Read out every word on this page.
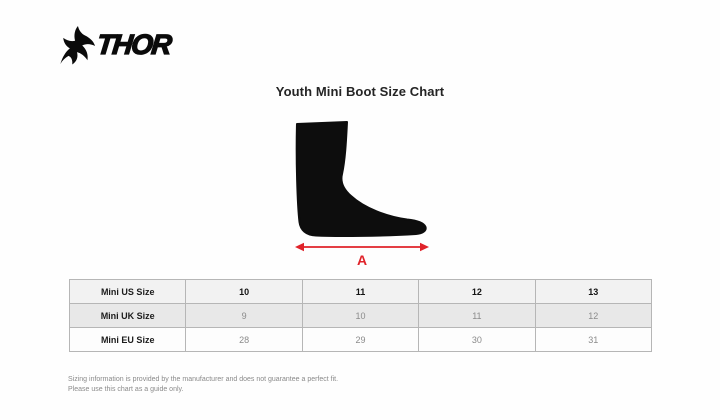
THOR
Youth Mini Boot Size Chart
A
Mini US Size	10	11	12	13
Mini UK Size	9	10	11	12
Mini EU Size	28	29	30	31
Sizing information is provided by the manufacturer and does not guarantee a perfect fit.
Please use this chart as a guide only.
